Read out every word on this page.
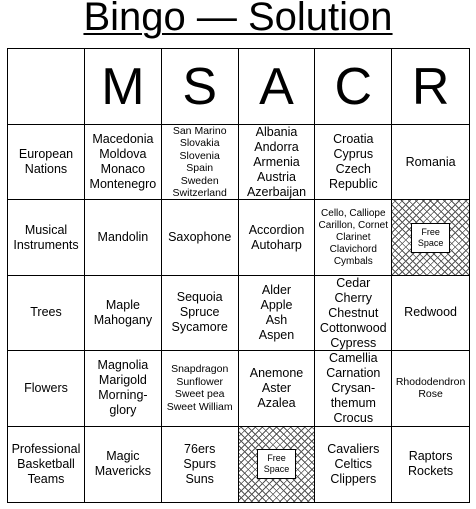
Bingo — Solution
M S A C R
European
Nations
Macedonia
Moldova
Monaco
Montenegro
San Marino
Slovakia
Slovenia
Spain
Sweden
Switzerland
Albania
Andorra
Armenia
Austria
Azerbaijan
Croatia
Cyprus
Czech
Republic
Romania
Musical
Instruments
Mandolin Saxophone
Accordion
Autoharp
Cello, Calliope
Carillon, Cornet
Clarinet
Clavichord
Cymbals
Free
Space
Trees
Maple
Mahogany
Sequoia
Spruce
Sycamore
Alder
Apple
Ash
Aspen
Cedar
Cherry
Chestnut
Cottonwood
Cypress
Redwood
Flowers
Magnolia
Marigold
Morning-
glory
Snapdragon
Sunflower
Sweet pea
Sweet William
Anemone
Aster
Azalea
Camellia
Carnation
Crysan-
themum
Crocus
Rhododendron
Rose
Professional
Basketball
Teams
Magic
Mavericks
76ers
Spurs
Suns
Free
Space
Cavaliers
Celtics
Clippers
Raptors
Rockets
